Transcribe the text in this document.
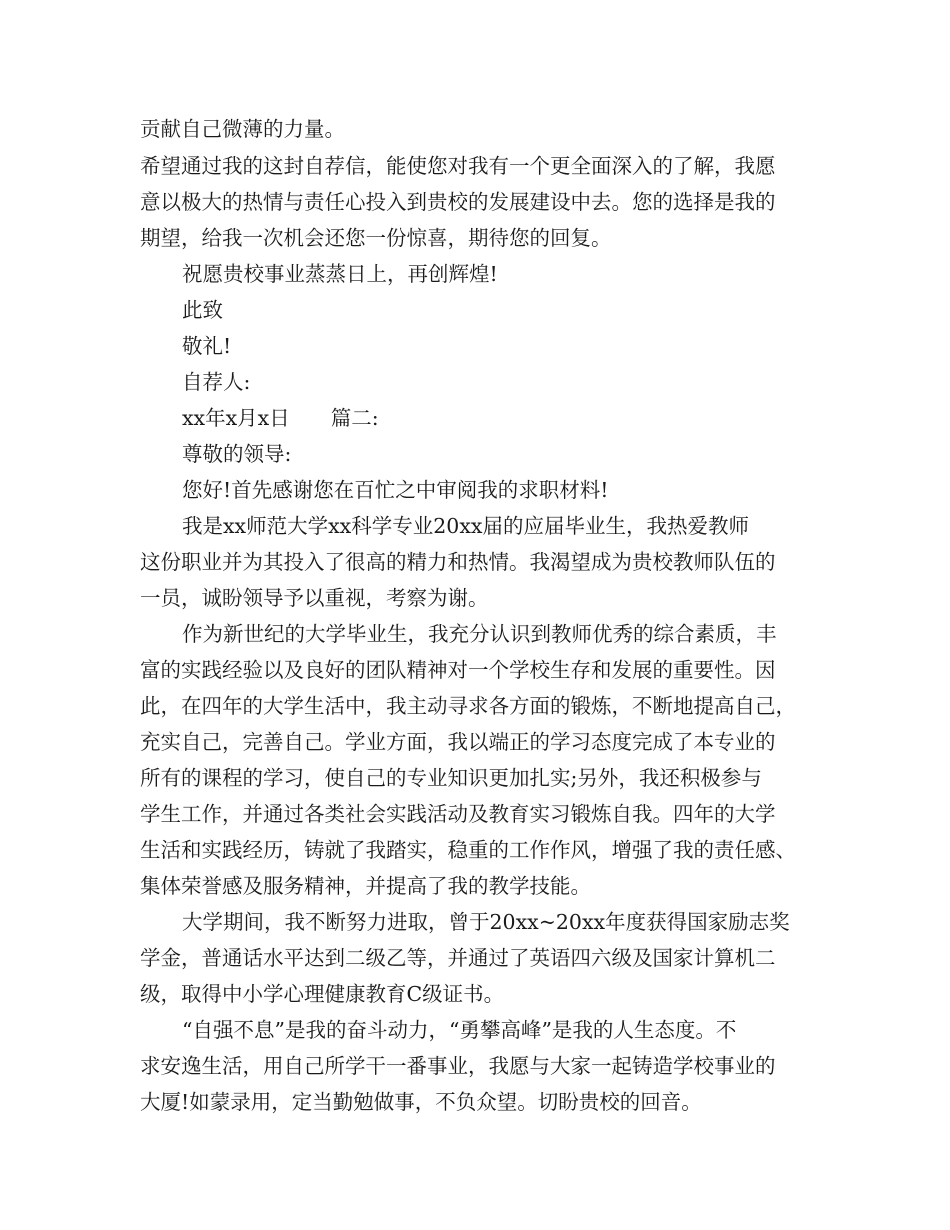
贡献自己微薄的力量。
希望通过我的这封自荐信，能使您对我有一个更全面深入的了解，我愿
意以极大的热情与责任心投入到贵校的发展建设中去。您的选择是我的
期望，给我一次机会还您一份惊喜，期待您的回复。
祝愿贵校事业蒸蒸日上，再创辉煌!
此致
敬礼!
自荐人:
xx年x月x日　　篇二:
尊敬的领导:
您好!首先感谢您在百忙之中审阅我的求职材料!
我是xx师范大学xx科学专业20xx届的应届毕业生，我热爱教师
这份职业并为其投入了很高的精力和热情。我渴望成为贵校教师队伍的
一员，诚盼领导予以重视，考察为谢。
作为新世纪的大学毕业生，我充分认识到教师优秀的综合素质，丰
富的实践经验以及良好的团队精神对一个学校生存和发展的重要性。因
此，在四年的大学生活中，我主动寻求各方面的锻炼，不断地提高自己，
充实自己，完善自己。学业方面，我以端正的学习态度完成了本专业的
所有的课程的学习，使自己的专业知识更加扎实;另外，我还积极参与
学生工作，并通过各类社会实践活动及教育实习锻炼自我。四年的大学
生活和实践经历，铸就了我踏实，稳重的工作作风，增强了我的责任感、
集体荣誉感及服务精神，并提高了我的教学技能。
大学期间，我不断努力进取，曾于20xx~20xx年度获得国家励志奖
学金，普通话水平达到二级乙等，并通过了英语四六级及国家计算机二
级，取得中小学心理健康教育C级证书。
“自强不息”是我的奋斗动力，“勇攀高峰”是我的人生态度。不
求安逸生活，用自己所学干一番事业，我愿与大家一起铸造学校事业的
大厦!如蒙录用，定当勤勉做事，不负众望。切盼贵校的回音。
